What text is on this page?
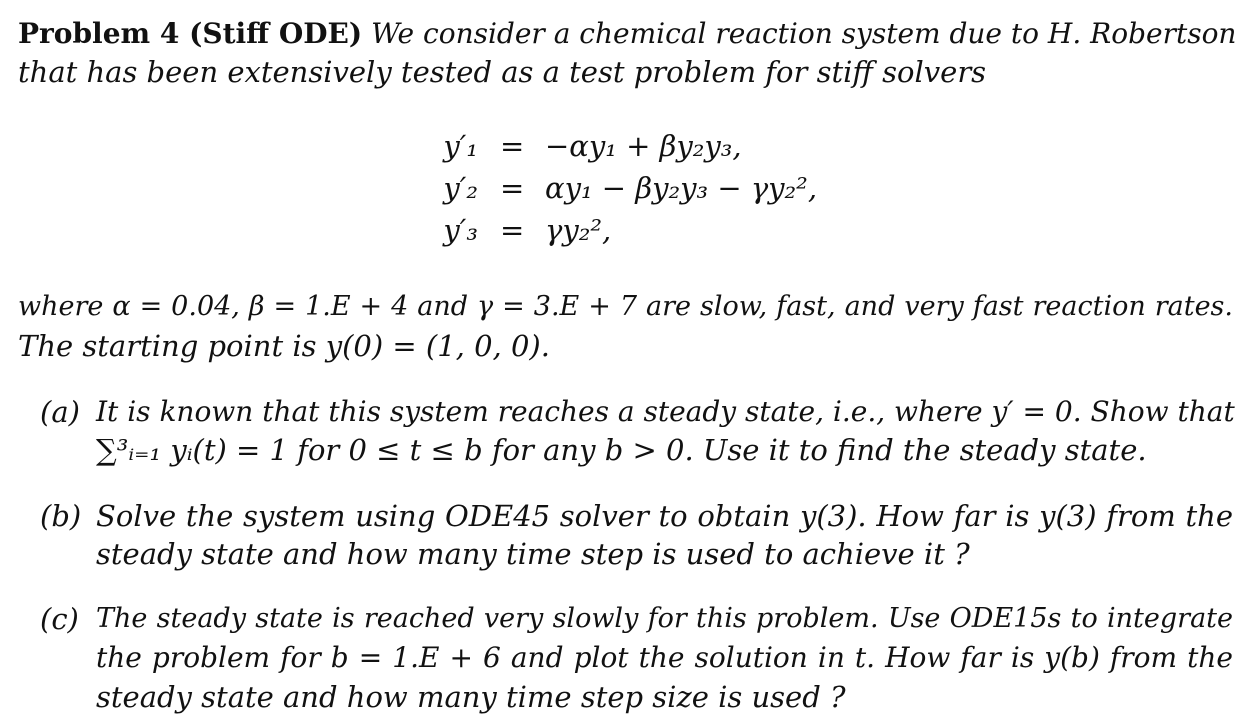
Problem 4 (Stiff ODE) We consider a chemical reaction system due to H. Robertson
that has been extensively tested as a test problem for stiff solvers
y′₁ = −αy₁ + βy₂y₃,
y′₂ = αy₁ − βy₂y₃ − γy₂²,
y′₃ = γy₂²,
where α = 0.04, β = 1.E + 4 and γ = 3.E + 7 are slow, fast, and very fast reaction rates.
The starting point is y(0) = (1, 0, 0).
(a) It is known that this system reaches a steady state, i.e., where y′ = 0. Show that
∑³ᵢ₌₁ yᵢ(t) = 1 for 0 ≤ t ≤ b for any b > 0. Use it to find the steady state.
(b) Solve the system using ODE45 solver to obtain y(3). How far is y(3) from the
steady state and how many time step is used to achieve it ?
(c) The steady state is reached very slowly for this problem. Use ODE15s to integrate
the problem for b = 1.E + 6 and plot the solution in t. How far is y(b) from the
steady state and how many time step size is used ?
